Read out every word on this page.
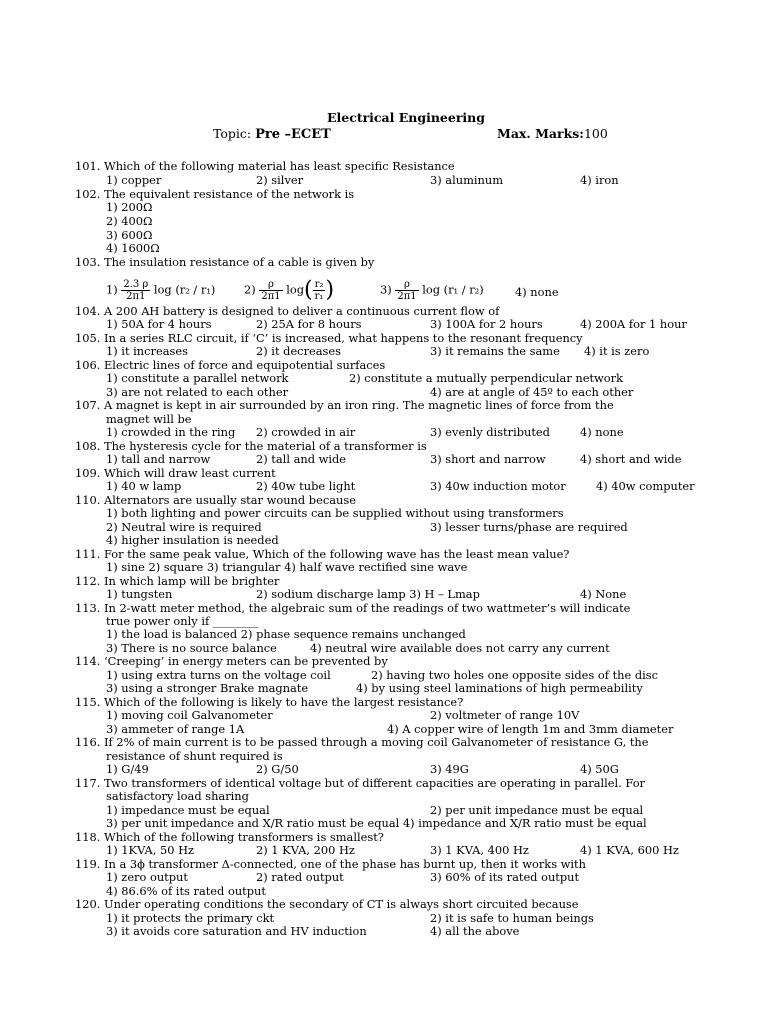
Electrical Engineering
Topic: Pre –ECET	Max. Marks:100
101. Which of the following material has least specific Resistance
1) copper	2) silver	3) aluminum	4) iron
102. The equivalent resistance of the network is
1) 200Ω
2) 400Ω
3) 600Ω
4) 1600Ω
103. The insulation resistance of a cable is given by
104. A 200 AH battery is designed to deliver a continuous current flow of
1) 50A for 4 hours	2) 25A for 8 hours	3) 100A for 2 hours	4) 200A for 1 hour
105. In a series RLC circuit, if ‘C’ is increased, what happens to the resonant frequency
1) it increases	2) it decreases	3) it remains the same 4) it is zero
106. Electric lines of force and equipotential surfaces
1) constitute a parallel network	2) constitute a mutually perpendicular network
3) are not related to each other	4) are at angle of 45º to each other
107. A magnet is kept in air surrounded by an iron ring. The magnetic lines of force from the
magnet will be
1) crowded in the ring 2) crowded in air	3) evenly distributed	4) none
108. The hysteresis cycle for the material of a transformer is
1) tall and narrow	2) tall and wide	3) short and narrow	4) short and wide
109. Which will draw least current
1) 40 w lamp	2) 40w tube light	3) 40w induction motor	4) 40w computer
110. Alternators are usually star wound because
1) both lighting and power circuits can be supplied without using transformers
2) Neutral wire is required	3) lesser turns/phase are required
4) higher insulation is needed
111. For the same peak value, Which of the following wave has the least mean value?
1) sine 2) square 3) triangular 4) half wave rectified sine wave
112. In which lamp will be brighter
1) tungsten	2) sodium discharge lamp 3) H – Lmap	4) None
113. In 2-watt meter method, the algebraic sum of the readings of two wattmeter’s will indicate
true power only if ________
1) the load is balanced 2) phase sequence remains unchanged
3) There is no source balance	4) neutral wire available does not carry any current
114. ‘Creeping’ in energy meters can be prevented by
1) using extra turns on the voltage coil	2) having two holes one opposite sides of the disc
3) using a stronger Brake magnate	4) by using steel laminations of high permeability
115. Which of the following is likely to have the largest resistance?
1) moving coil Galvanometer	2) voltmeter of range 10V
3) ammeter of range 1A	4) A copper wire of length 1m and 3mm diameter
116. If 2% of main current is to be passed through a moving coil Galvanometer of resistance G, the
resistance of shunt required is
1) G/49	2) G/50	3) 49G	4) 50G
117. Two transformers of identical voltage but of different capacities are operating in parallel. For
satisfactory load sharing
1) impedance must be equal	2) per unit impedance must be equal
3) per unit impedance and X/R ratio must be equal 4) impedance and X/R ratio must be equal
118. Which of the following transformers is smallest?
1) 1KVA, 50 Hz	2) 1 KVA, 200 Hz	3) 1 KVA, 400 Hz	4) 1 KVA, 600 Hz
119. In a 3ϕ transformer Δ-connected, one of the phase has burnt up, then it works with
1) zero output	2) rated output	3) 60% of its rated output
4) 86.6% of its rated output
120. Under operating conditions the secondary of CT is always short circuited because
1) it protects the primary ckt	2) it is safe to human beings
3) it avoids core saturation and HV induction	4) all the above
$1) \frac{2.3 \rho}{2\pi 1}$ log (r₂ / r₁)	$2) \frac{\rho}{2\pi 1} \log( \frac{\text{r₂}}{\text{r₁}}$ )	$3) \frac{\rho}{2\pi 1}$ log (r₁ / r₂)	4) none
